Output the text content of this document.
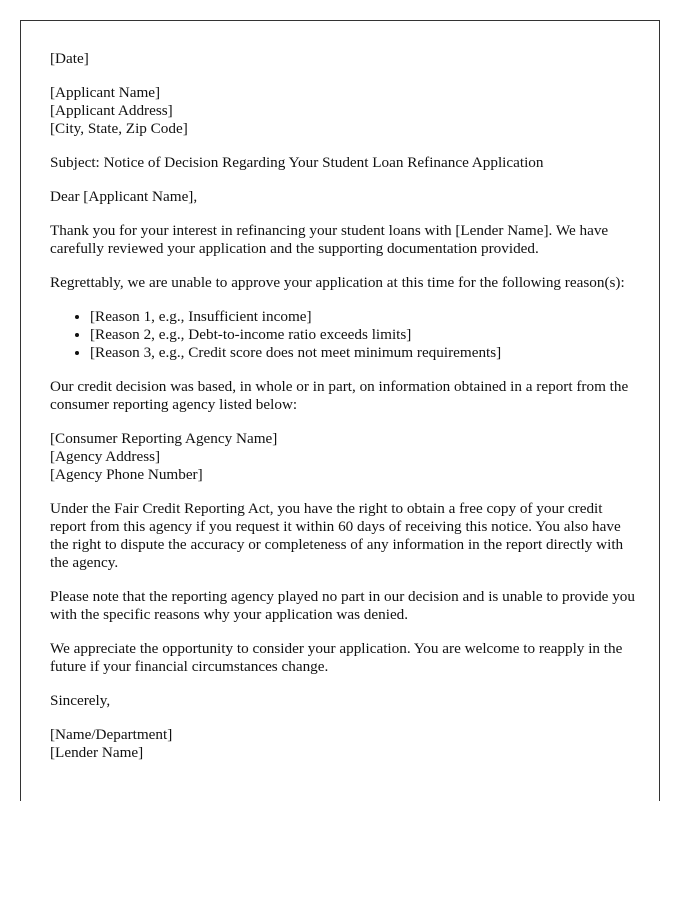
[Date]

[Applicant Name]
[Applicant Address]
[City, State, Zip Code]

Subject: Notice of Decision Regarding Your Student Loan Refinance Application

Dear [Applicant Name],

Thank you for your interest in refinancing your student loans with [Lender Name]. We have carefully reviewed your application and the supporting documentation provided.

Regrettably, we are unable to approve your application at this time for the following reason(s):

• [Reason 1, e.g., Insufficient income]
• [Reason 2, e.g., Debt-to-income ratio exceeds limits]
• [Reason 3, e.g., Credit score does not meet minimum requirements]

Our credit decision was based, in whole or in part, on information obtained in a report from the consumer reporting agency listed below:

[Consumer Reporting Agency Name]
[Agency Address]
[Agency Phone Number]

Under the Fair Credit Reporting Act, you have the right to obtain a free copy of your credit report from this agency if you request it within 60 days of receiving this notice. You also have the right to dispute the accuracy or completeness of any information in the report directly with the agency.

Please note that the reporting agency played no part in our decision and is unable to provide you with the specific reasons why your application was denied.

We appreciate the opportunity to consider your application. You are welcome to reapply in the future if your financial circumstances change.

Sincerely,

[Name/Department]
[Lender Name]
